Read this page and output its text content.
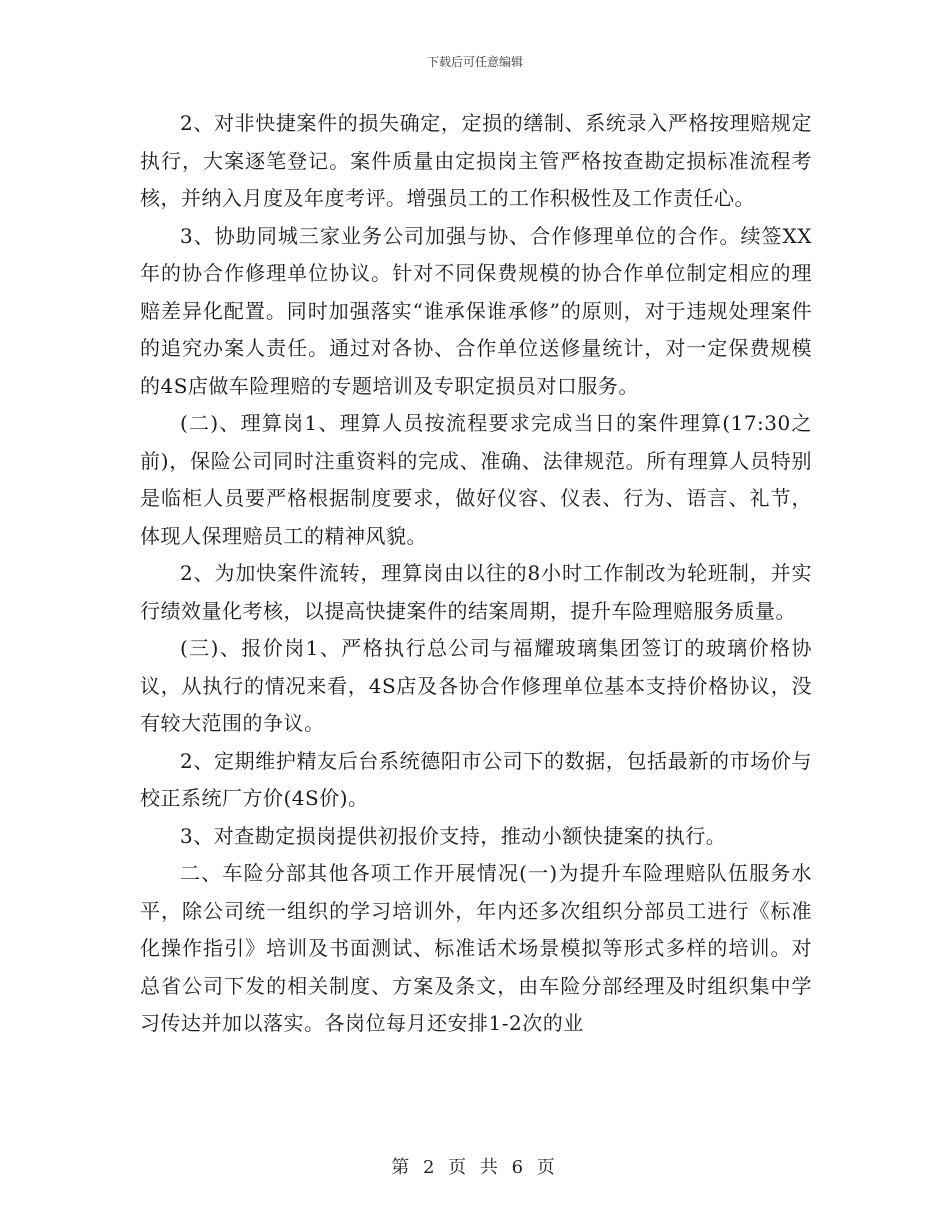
下载后可任意编辑

2、对非快捷案件的损失确定，定损的缮制、系统录入严格按理赔规定执行，大案逐笔登记。案件质量由定损岗主管严格按查勘定损标准流程考核，并纳入月度及年度考评。增强员工的工作积极性及工作责任心。

3、协助同城三家业务公司加强与协、合作修理单位的合作。续签XX年的协合作修理单位协议。针对不同保费规模的协合作单位制定相应的理赔差异化配置。同时加强落实“谁承保谁承修”的原则，对于违规处理案件的追究办案人责任。通过对各协、合作单位送修量统计，对一定保费规模的4S店做车险理赔的专题培训及专职定损员对口服务。

(二)、理算岗1、理算人员按流程要求完成当日的案件理算(17:30之前)，保险公司同时注重资料的完成、准确、法律规范。所有理算人员特别是临柜人员要严格根据制度要求，做好仪容、仪表、行为、语言、礼节，体现人保理赔员工的精神风貌。

2、为加快案件流转，理算岗由以往的8小时工作制改为轮班制，并实行绩效量化考核，以提高快捷案件的结案周期，提升车险理赔服务质量。

(三)、报价岗1、严格执行总公司与福耀玻璃集团签订的玻璃价格协议，从执行的情况来看，4S店及各协合作修理单位基本支持价格协议，没有较大范围的争议。

2、定期维护精友后台系统德阳市公司下的数据，包括最新的市场价与校正系统厂方价(4S价)。

3、对查勘定损岗提供初报价支持，推动小额快捷案的执行。

二、车险分部其他各项工作开展情况(一)为提升车险理赔队伍服务水平，除公司统一组织的学习培训外，年内还多次组织分部员工进行《标准化操作指引》培训及书面测试、标准话术场景模拟等形式多样的培训。对总省公司下发的相关制度、方案及条文，由车险分部经理及时组织集中学习传达并加以落实。各岗位每月还安排1-2次的业

第 2 页 共 6 页
